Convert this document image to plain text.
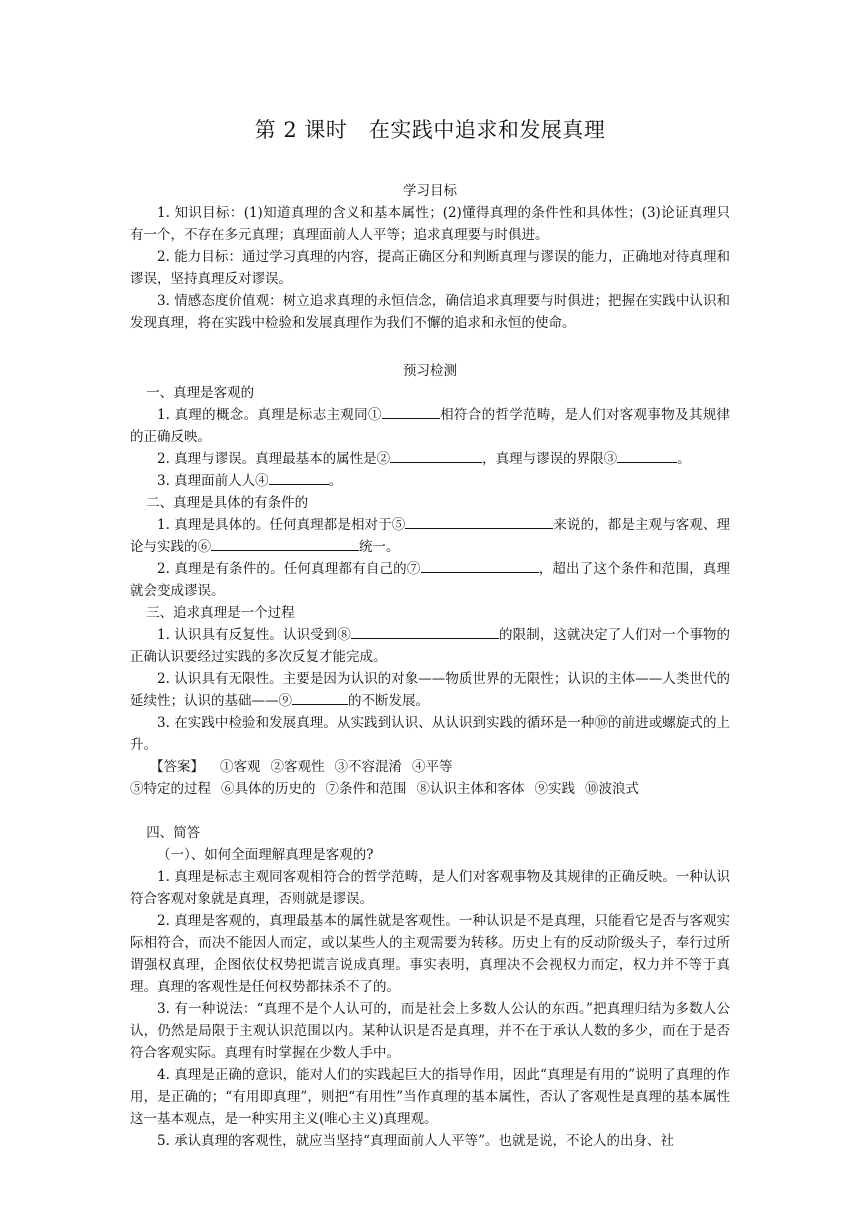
第 2 课时　在实践中追求和发展真理
学习目标

1. 知识目标：(1)知道真理的含义和基本属性；(2)懂得真理的条件性和具体性；(3)论证真理只有一个，不存在多元真理；真理面前人人平等；追求真理要与时俱进。

2. 能力目标：通过学习真理的内容，提高正确区分和判断真理与谬误的能力，正确地对待真理和谬误，坚持真理反对谬误。

3. 情感态度价值观：树立追求真理的永恒信念，确信追求真理要与时俱进；把握在实践中认识和发现真理，将在实践中检验和发展真理作为我们不懈的追求和永恒的使命。

预习检测
一、真理是客观的

1. 真理的概念。真理是标志主观同①	相符合的哲学范畴，是人们对客观事物及其规律的正确反映。

2. 真理与谬误。真理最基本的属性是②	，真理与谬误的界限③	。

3. 真理面前人人④	。

二、真理是具体的有条件的

1. 真理是具体的。任何真理都是相对于⑤	来说的，都是主观与客观、理论与实践的⑥	统一。

2. 真理是有条件的。任何真理都有自己的⑦	，超出了这个条件和范围，真理就会变成谬误。

三、追求真理是一个过程

1. 认识具有反复性。认识受到⑧	的限制，这就决定了人们对一个事物的正确认识要经过实践的多次反复才能完成。

2. 认识具有无限性。主要是因为认识的对象——物质世界的无限性；认识的主体——人类世代的延续性；认识的基础——⑨	的不断发展。

3. 在实践中检验和发展真理。从实践到认识、从认识到实践的循环是一种⑩的前进或螺旋式的上升。

【答案】 ①客观 ②客观性 ③不容混淆 ④平等
⑤特定的过程 ⑥具体的历史的 ⑦条件和范围 ⑧认识主体和客体 ⑨实践 ⑩波浪式
四、简答
（一）、如何全面理解真理是客观的?

1. 真理是标志主观同客观相符合的哲学范畴，是人们对客观事物及其规律的正确反映。一种认识符合客观对象就是真理，否则就是谬误。

2. 真理是客观的，真理最基本的属性就是客观性。一种认识是不是真理，只能看它是否与客观实际相符合，而决不能因人而定，或以某些人的主观需要为转移。历史上有的反动阶级头子，奉行过所谓强权真理，企图依仗权势把谎言说成真理。事实表明，真理决不会视权力而定，权力并不等于真理。真理的客观性是任何权势都抹杀不了的。

3. 有一种说法：“真理不是个人认可的，而是社会上多数人公认的东西。”把真理归结为多数人公认，仍然是局限于主观认识范围以内。某种认识是否是真理，并不在于承认人数的多少，而在于是否符合客观实际。真理有时掌握在少数人手中。

4. 真理是正确的意识，能对人们的实践起巨大的指导作用，因此“真理是有用的”说明了真理的作用，是正确的；“有用即真理”，则把“有用性”当作真理的基本属性，否认了客观性是真理的基本属性这一基本观点，是一种实用主义(唯心主义)真理观。

5. 承认真理的客观性，就应当坚持“真理面前人人平等”。也就是说，不论人的出身、社
